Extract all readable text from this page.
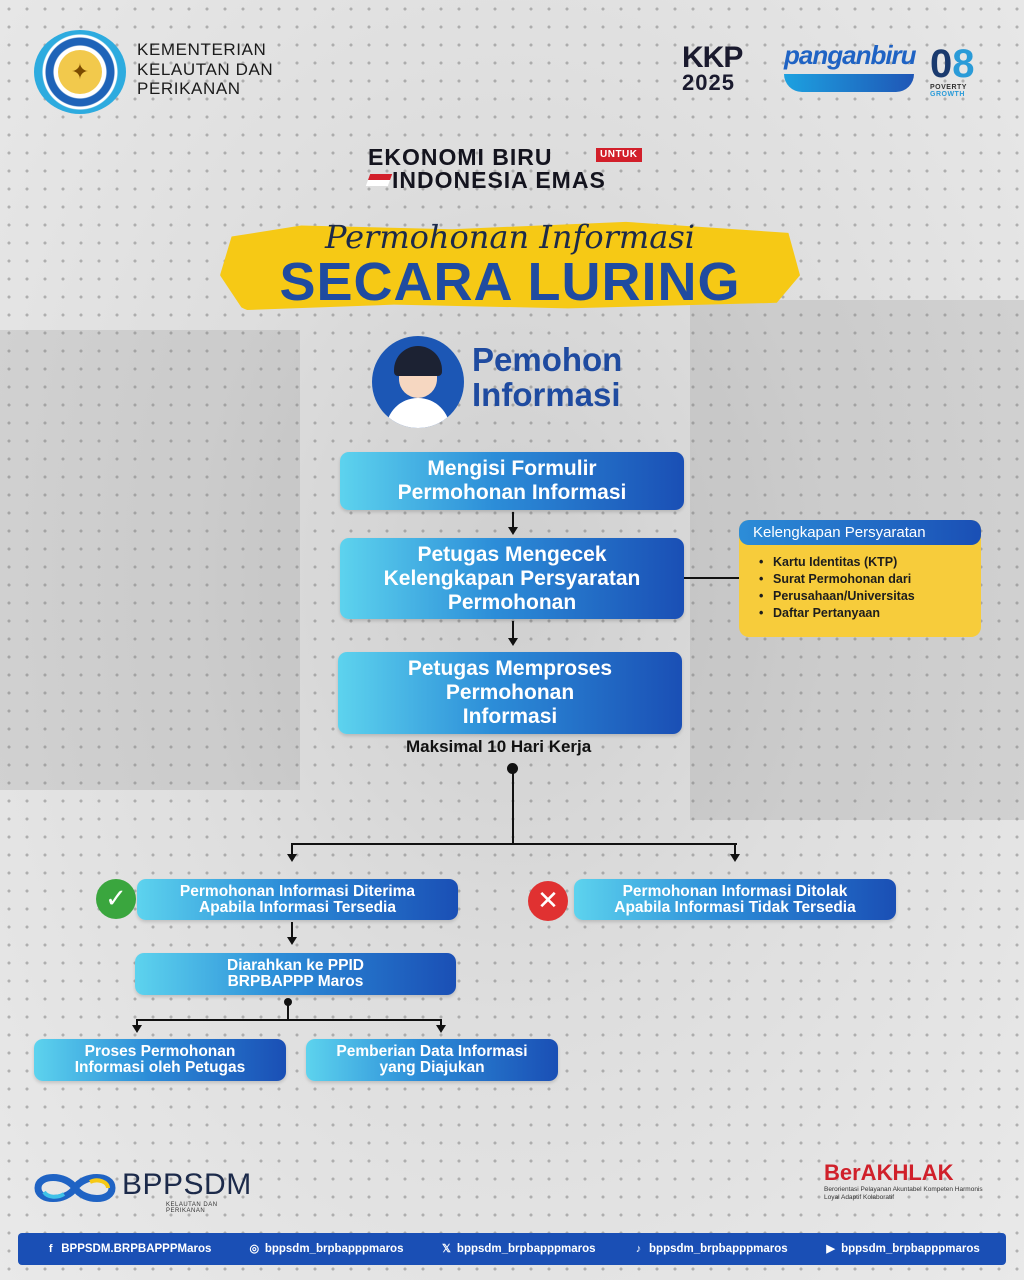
✦
KEMENTERIAN
KELAUTAN DAN
PERIKANAN
KKP
2025
panganbiru 08
POVERTY GROWTH
EKONOMI BIRU	UNTUK
INDONESIA EMAS
Permohonan Informasi
SECARA LURING
Pemohon
Informasi
Mengisi Formulir
Permohonan Informasi
Petugas Mengecek
Kelengkapan Persyaratan
Permohonan
Kelengkapan Persyaratan
• Kartu Identitas (KTP)
• Surat Permohonan dari
• Perusahaan/Universitas
• Daftar Pertanyaan
Petugas Memproses
Permohonan
Informasi
Maksimal 10 Hari Kerja
✓	Permohonan Informasi Diterima
Apabila Informasi Tersedia	✕	Permohonan Informasi Ditolak
Apabila Informasi Tidak Tersedia
Diarahkan ke PPID
BRPBAPPP Maros
Proses Permohonan
Informasi oleh Petugas
Pemberian Data Informasi
yang Diajukan
BPPSDM
KELAUTAN DAN PERIKANAN
BerAKHLAK
Berorientasi Pelayanan Akuntabel Kompeten Harmonis Loyal Adaptif Kolaboratif
f BPPSDM.BRPBAPPPMaros	◎ bppsdm_brpbapppmaros	𝕏 bppsdm_brpbapppmaros	♪ bppsdm_brpbapppmaros	▶ bppsdm_brpbapppmaros
